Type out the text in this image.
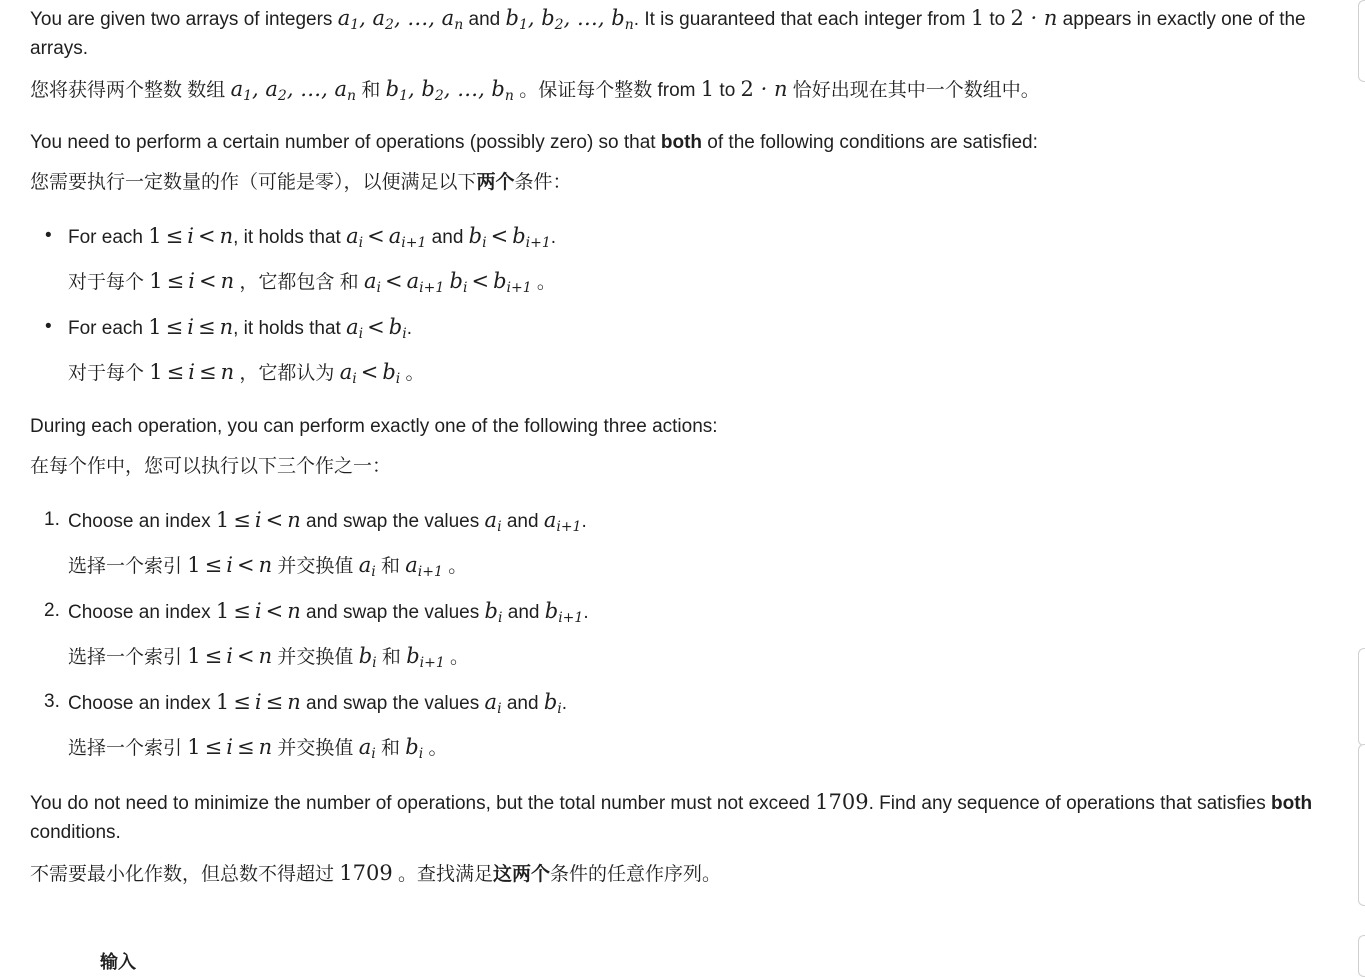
You are given two arrays of integers $a_1$, $a_2$, …, $a_n$ and $b_1$, $b_2$, …, $b_n$. It is guaranteed that each integer from 1 to 2 · n appears in exactly one of the arrays.

您将获得两个整数 数组 $a_1$, $a_2$, …, $a_n$ 和 $b_1$, $b_2$, …, $b_n$ 。保证每个整数 from 1 to 2 · n 恰好出现在其中一个数组中。

You need to perform a certain number of operations (possibly zero) so that both of the following conditions are satisfied:

您需要执行一定数量的作（可能是零），以便满足以下两个条件：

• For each 1 ≤ i < n, it holds that $a_i < a_{i+1}$ and $b_i < b_{i+1}$.

对于每个 1 ≤ i < n ，它都包含 和 $a_i < a_{i+1}$ $b_i < b_{i+1}$ 。

• For each 1 ≤ i ≤ n, it holds that $a_i < b_i$.

对于每个 1 ≤ i ≤ n ，它都认为 $a_i < b_i$ 。

During each operation, you can perform exactly one of the following three actions:

在每个作中，您可以执行以下三个作之一：

1. Choose an index 1 ≤ i < n and swap the values $a_i$ and $a_{i+1}$.

选择一个索引 1 ≤ i < n 并交换值 $a_i$ 和 $a_{i+1}$ 。

2. Choose an index 1 ≤ i < n and swap the values $b_i$ and $b_{i+1}$.

选择一个索引 1 ≤ i < n 并交换值 $b_i$ 和 $b_{i+1}$ 。

3. Choose an index 1 ≤ i ≤ n and swap the values $a_i$ and $b_i$.

选择一个索引 1 ≤ i ≤ n 并交换值 $a_i$ 和 $b_i$ 。

You do not need to minimize the number of operations, but the total number must not exceed 1709. Find any sequence of operations that satisfies both conditions.

不需要最小化作数，但总数不得超过 1709 。查找满足这两个条件的任意作序列。

输入
